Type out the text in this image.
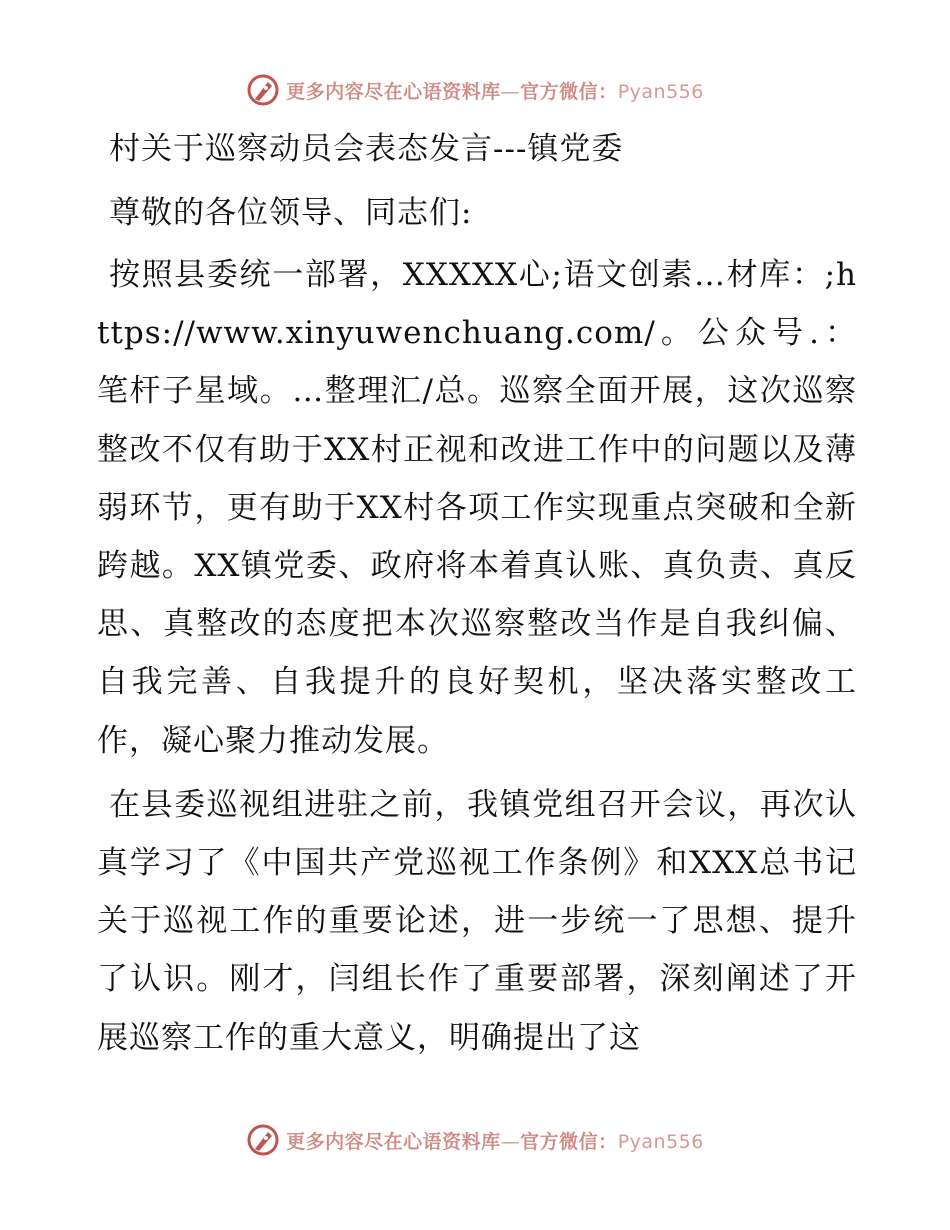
更多内容尽在心语资料库—官方微信：Pyan556
村关于巡察动员会表态发言---镇党委
尊敬的各位领导、同志们:

按照县委统一部署，XXXXX心;语文创素…材库：;https://www.xinyuwenchuang.com/。公众号.：笔杆子星域。…整理汇/总。巡察全面开展，这次巡察整改不仅有助于XX村正视和改进工作中的问题以及薄弱环节，更有助于XX村各项工作实现重点突破和全新跨越。XX镇党委、政府将本着真认账、真负责、真反思、真整改的态度把本次巡察整改当作是自我纠偏、自我完善、自我提升的良好契机，坚决落实整改工作，凝心聚力推动发展。

在县委巡视组进驻之前，我镇党组召开会议，再次认真学习了《中国共产党巡视工作条例》和XXX总书记关于巡视工作的重要论述，进一步统一了思想、提升了认识。刚才，闫组长作了重要部署，深刻阐述了开展巡察工作的重大意义，明确提出了这

更多内容尽在心语资料库—官方微信：Pyan556
